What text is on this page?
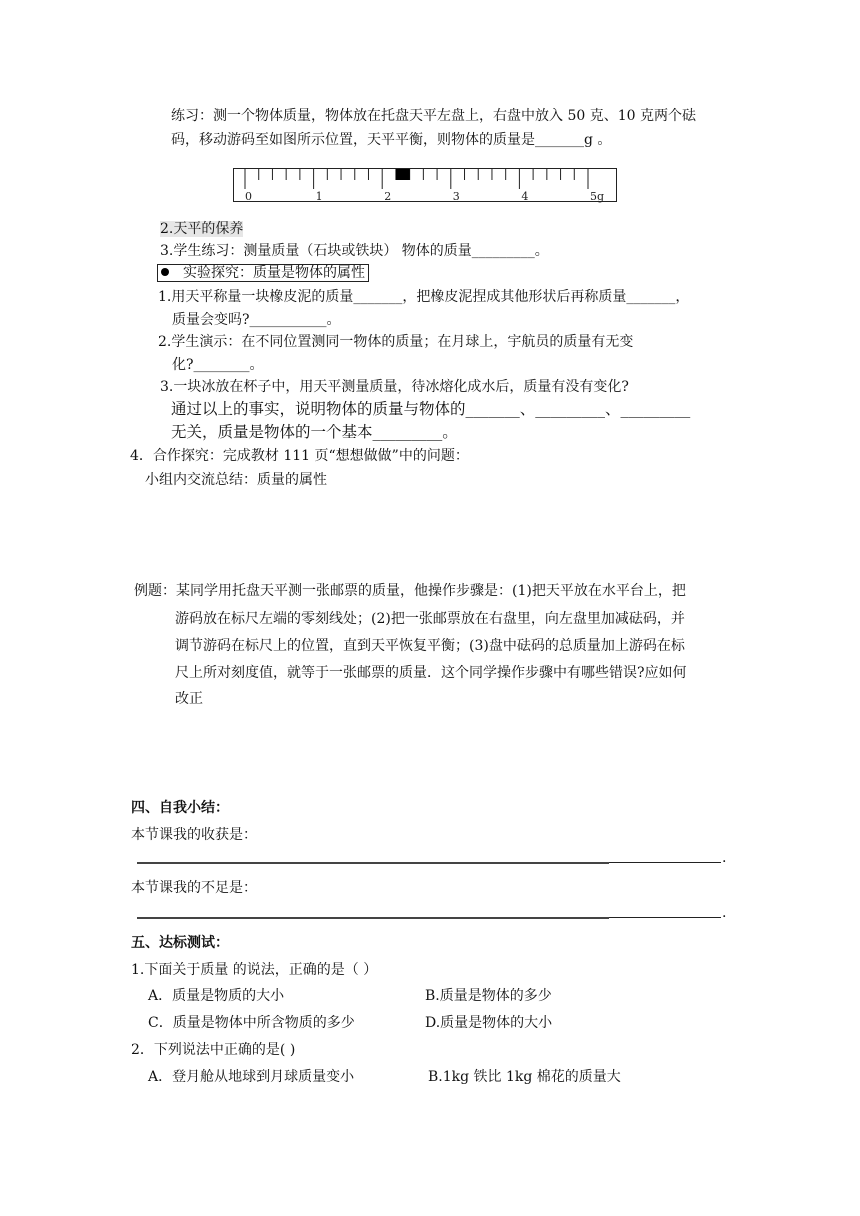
练习：测一个物体质量，物体放在托盘天平左盘上，右盘中放入 50 克、10 克两个砝
码，移动游码至如图所示位置，天平平衡，则物体的质量是_______g 。
0	1	2	3	4	5g
2.天平的保养
3.学生练习：测量质量（石块或铁块） 物体的质量_________。
实验探究：质量是物体的属性
1.用天平称量一块橡皮泥的质量_______，把橡皮泥捏成其他形状后再称质量_______，
质量会变吗?___________。
2.学生演示：在不同位置测同一物体的质量；在月球上，宇航员的质量有无变
化?________。
3.一块冰放在杯子中，用天平测量质量，待冰熔化成水后，质量有没有变化?
通过以上的事实，说明物体的质量与物体的_______、_________、_________
无关，质量是物体的一个基本_________。
4．合作探究：完成教材 111 页“想想做做”中的问题：
小组内交流总结：质量的属性
例题：某同学用托盘天平测一张邮票的质量，他操作步骤是：(1)把天平放在水平台上，把
游码放在标尺左端的零刻线处；(2)把一张邮票放在右盘里，向左盘里加减砝码，并
调节游码在标尺上的位置，直到天平恢复平衡；(3)盘中砝码的总质量加上游码在标
尺上所对刻度值，就等于一张邮票的质量．这个同学操作步骤中有哪些错误?应如何
改正
四、自我小结：
本节课我的收获是：
.
本节课我的不足是：
.
五、达标测试：
1.下面关于质量 的说法，正确的是（ ）
A．质量是物质的大小	B.质量是物体的多少
C．质量是物体中所含物质的多少	D.质量是物体的大小
2．下列说法中正确的是( )
A．登月舱从地球到月球质量变小	B.1kg 铁比 1kg 棉花的质量大
